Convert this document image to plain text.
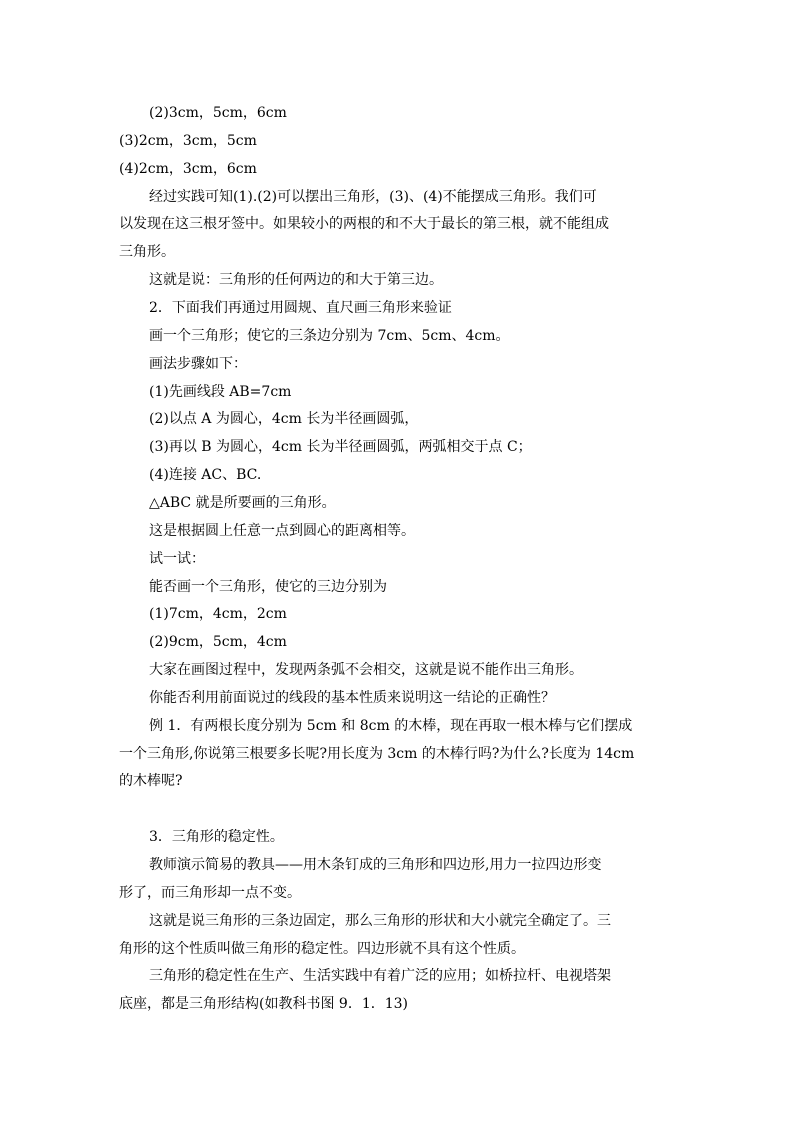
(2)3cm，5cm，6cm
(3)2cm，3cm，5cm
(4)2cm，3cm，6cm
经过实践可知(1).(2)可以摆出三角形，(3)、(4)不能摆成三角形。我们可
以发现在这三根牙签中。如果较小的两根的和不大于最长的第三根，就不能组成
三角形。
这就是说：三角形的任何两边的和大于第三边。
2．下面我们再通过用圆规、直尺画三角形来验证
画一个三角形；使它的三条边分别为 7cm、5cm、4cm。
画法步骤如下：
(1)先画线段 AB=7cm
(2)以点 A 为圆心，4cm 长为半径画圆弧，
(3)再以 B 为圆心，4cm 长为半径画圆弧，两弧相交于点 C；
(4)连接 AC、BC.
△ABC 就是所要画的三角形。
这是根据圆上任意一点到圆心的距离相等。
试一试：
能否画一个三角形，使它的三边分别为
(1)7cm，4cm，2cm
(2)9cm，5cm，4cm
大家在画图过程中，发现两条弧不会相交，这就是说不能作出三角形。
你能否利用前面说过的线段的基本性质来说明这一结论的正确性？
例 1．有两根长度分别为 5cm 和 8cm 的木棒，现在再取一根木棒与它们摆成
一个三角形,你说第三根要多长呢?用长度为 3cm 的木棒行吗?为什么?长度为 14cm
的木棒呢?
3．三角形的稳定性。
教师演示简易的教具——用木条钉成的三角形和四边形,用力一拉四边形变
形了，而三角形却一点不变。
这就是说三角形的三条边固定，那么三角形的形状和大小就完全确定了。三
角形的这个性质叫做三角形的稳定性。四边形就不具有这个性质。
三角形的稳定性在生产、生活实践中有着广泛的应用；如桥拉杆、电视塔架
底座，都是三角形结构(如教科书图 9．1．13)
